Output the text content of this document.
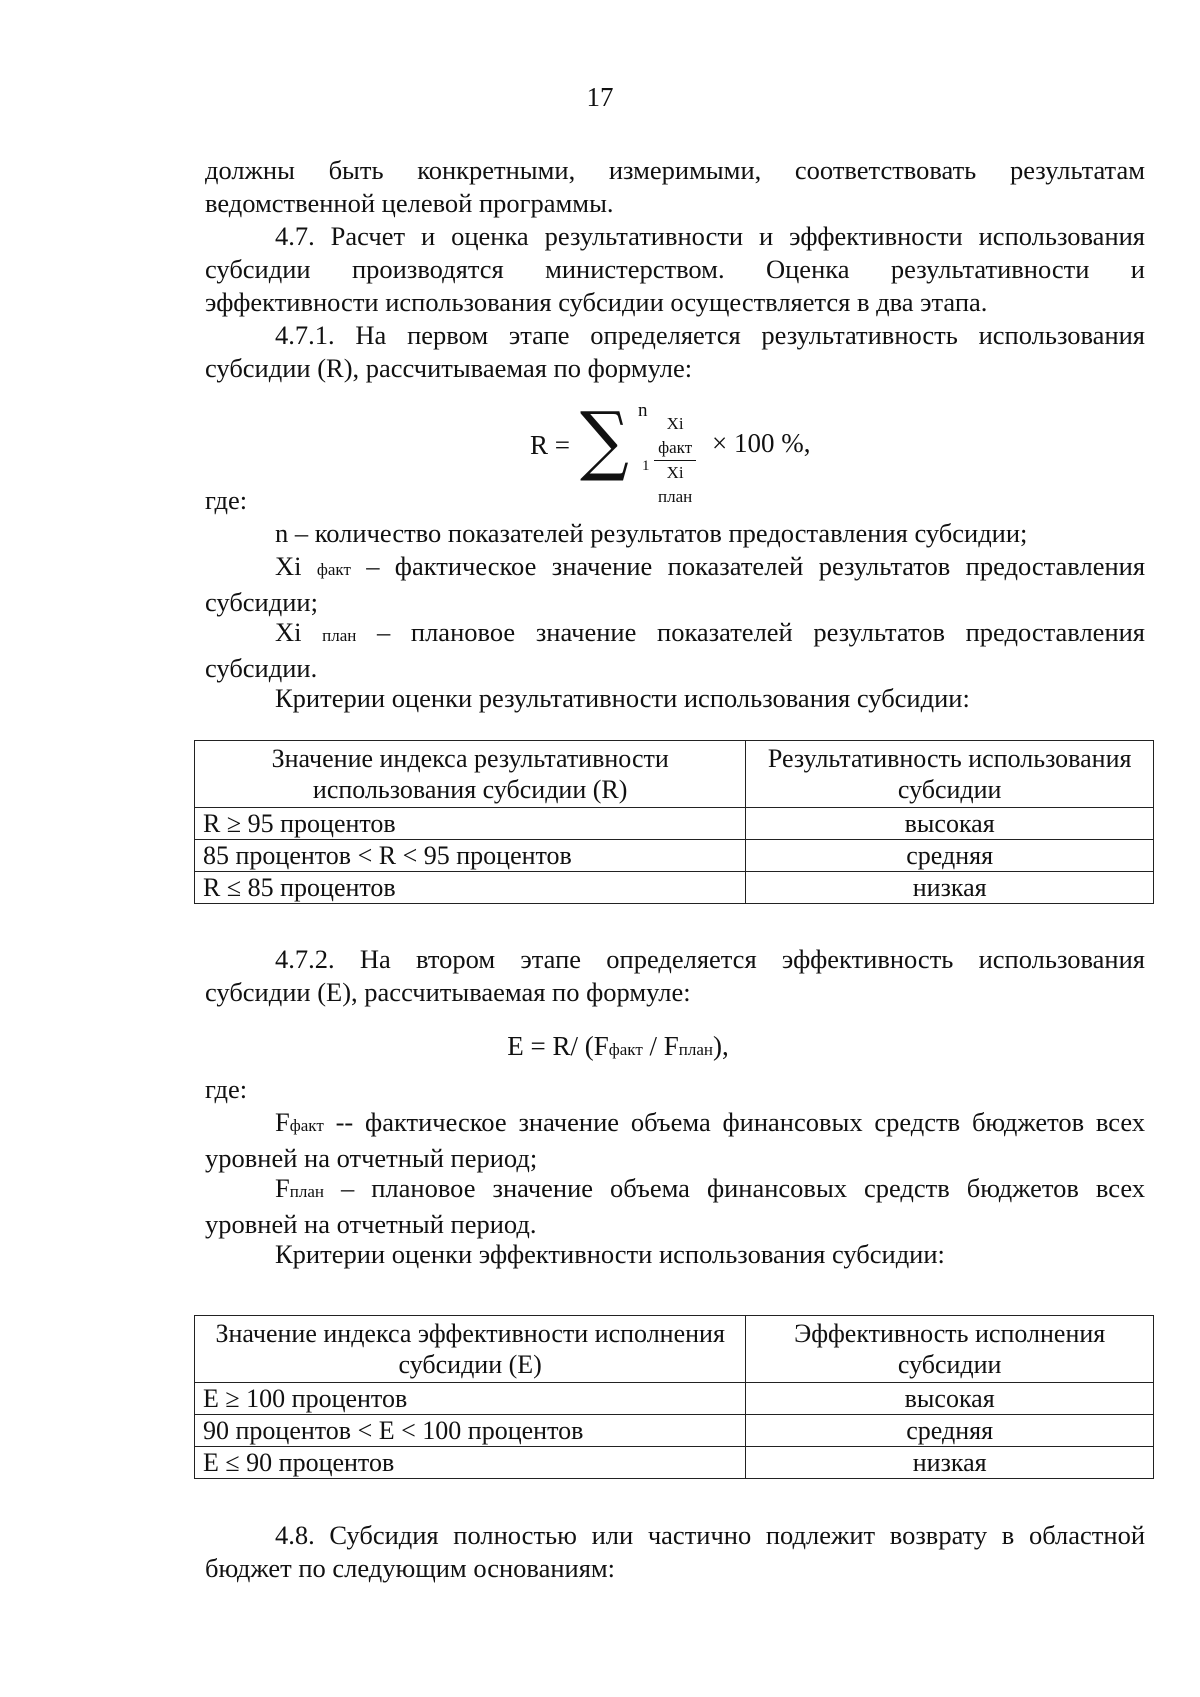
17

должны быть конкретными, измеримыми, соответствовать результатам ведомственной целевой программы.

4.7. Расчет и оценка результативности и эффективности использования субсидии производятся министерством. Оценка результативности и эффективности использования субсидии осуществляется в два этапа.

4.7.1. На первом этапе определяется результативность использования субсидии (R), рассчитываемая по формуле:

R = ∑ n
1
Xi факт
Xi план
× 100 %,

где:

n – количество показателей результатов предоставления субсидии;

Xi факт – фактическое значение показателей результатов предоставления субсидии;

Xi план – плановое значение показателей результатов предоставления субсидии.

Критерии оценки результативности использования субсидии:

Значение индекса результативности использования субсидии (R)	Результативность использования субсидии
R ≥ 95 процентов	высокая
85 процентов < R < 95 процентов	средняя
R ≤ 85 процентов	низкая

4.7.2. На втором этапе определяется эффективность использования субсидии (E), рассчитываемая по формуле:

E = R/ (Fфакт / Fплан),

где:

Fфакт -- фактическое значение объема финансовых средств бюджетов всех уровней на отчетный период;

Fплан – плановое значение объема финансовых средств бюджетов всех уровней на отчетный период.

Критерии оценки эффективности использования субсидии:

Значение индекса эффективности исполнения субсидии (E)	Эффективность исполнения субсидии
E ≥ 100 процентов	высокая
90 процентов < E < 100 процентов	средняя
E ≤ 90 процентов	низкая

4.8. Субсидия полностью или частично подлежит возврату в областной бюджет по следующим основаниям:
